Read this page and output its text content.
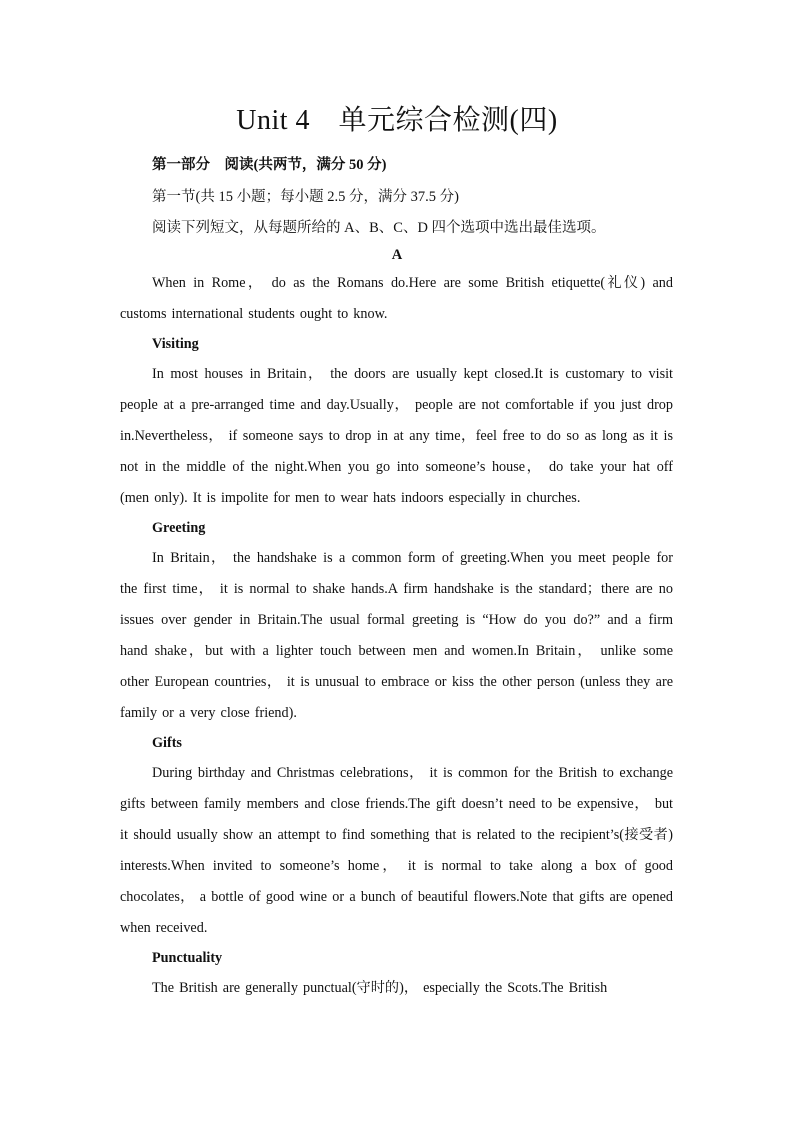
Unit 4　单元综合检测(四)
第一部分　阅读(共两节，满分 50 分)
第一节(共 15 小题；每小题 2.5 分，满分 37.5 分)
阅读下列短文，从每题所给的 A、B、C、D 四个选项中选出最佳选项。
A

When in Rome， do as the Romans do.Here are some British etiquette(礼仪) and customs international students ought to know.

Visiting

In most houses in Britain， the doors are usually kept closed.It is customary to visit people at a pre-arranged time and day.Usually， people are not comfortable if you just drop in.Nevertheless， if someone says to drop in at any time，feel free to do so as long as it is not in the middle of the night.When you go into someone’s house， do take your hat off (men only). It is impolite for men to wear hats indoors especially in churches.

Greeting

In Britain， the handshake is a common form of greeting.When you meet people for the first time， it is normal to shake hands.A firm handshake is the standard；there are no issues over gender in Britain.The usual formal greeting is “How do you do?” and a firm hand shake，but with a lighter touch between men and women.In Britain， unlike some other European countries， it is unusual to embrace or kiss the other person (unless they are family or a very close friend).

Gifts

During birthday and Christmas celebrations， it is common for the British to exchange gifts between family members and close friends.The gift doesn’t need to be expensive， but it should usually show an attempt to find something that is related to the recipient’s(接受者) interests.When invited to someone’s home， it is normal to take along a box of good chocolates， a bottle of good wine or a bunch of beautiful flowers.Note that gifts are opened when received.

Punctuality

The British are generally punctual(守时的)， especially the Scots.The British
